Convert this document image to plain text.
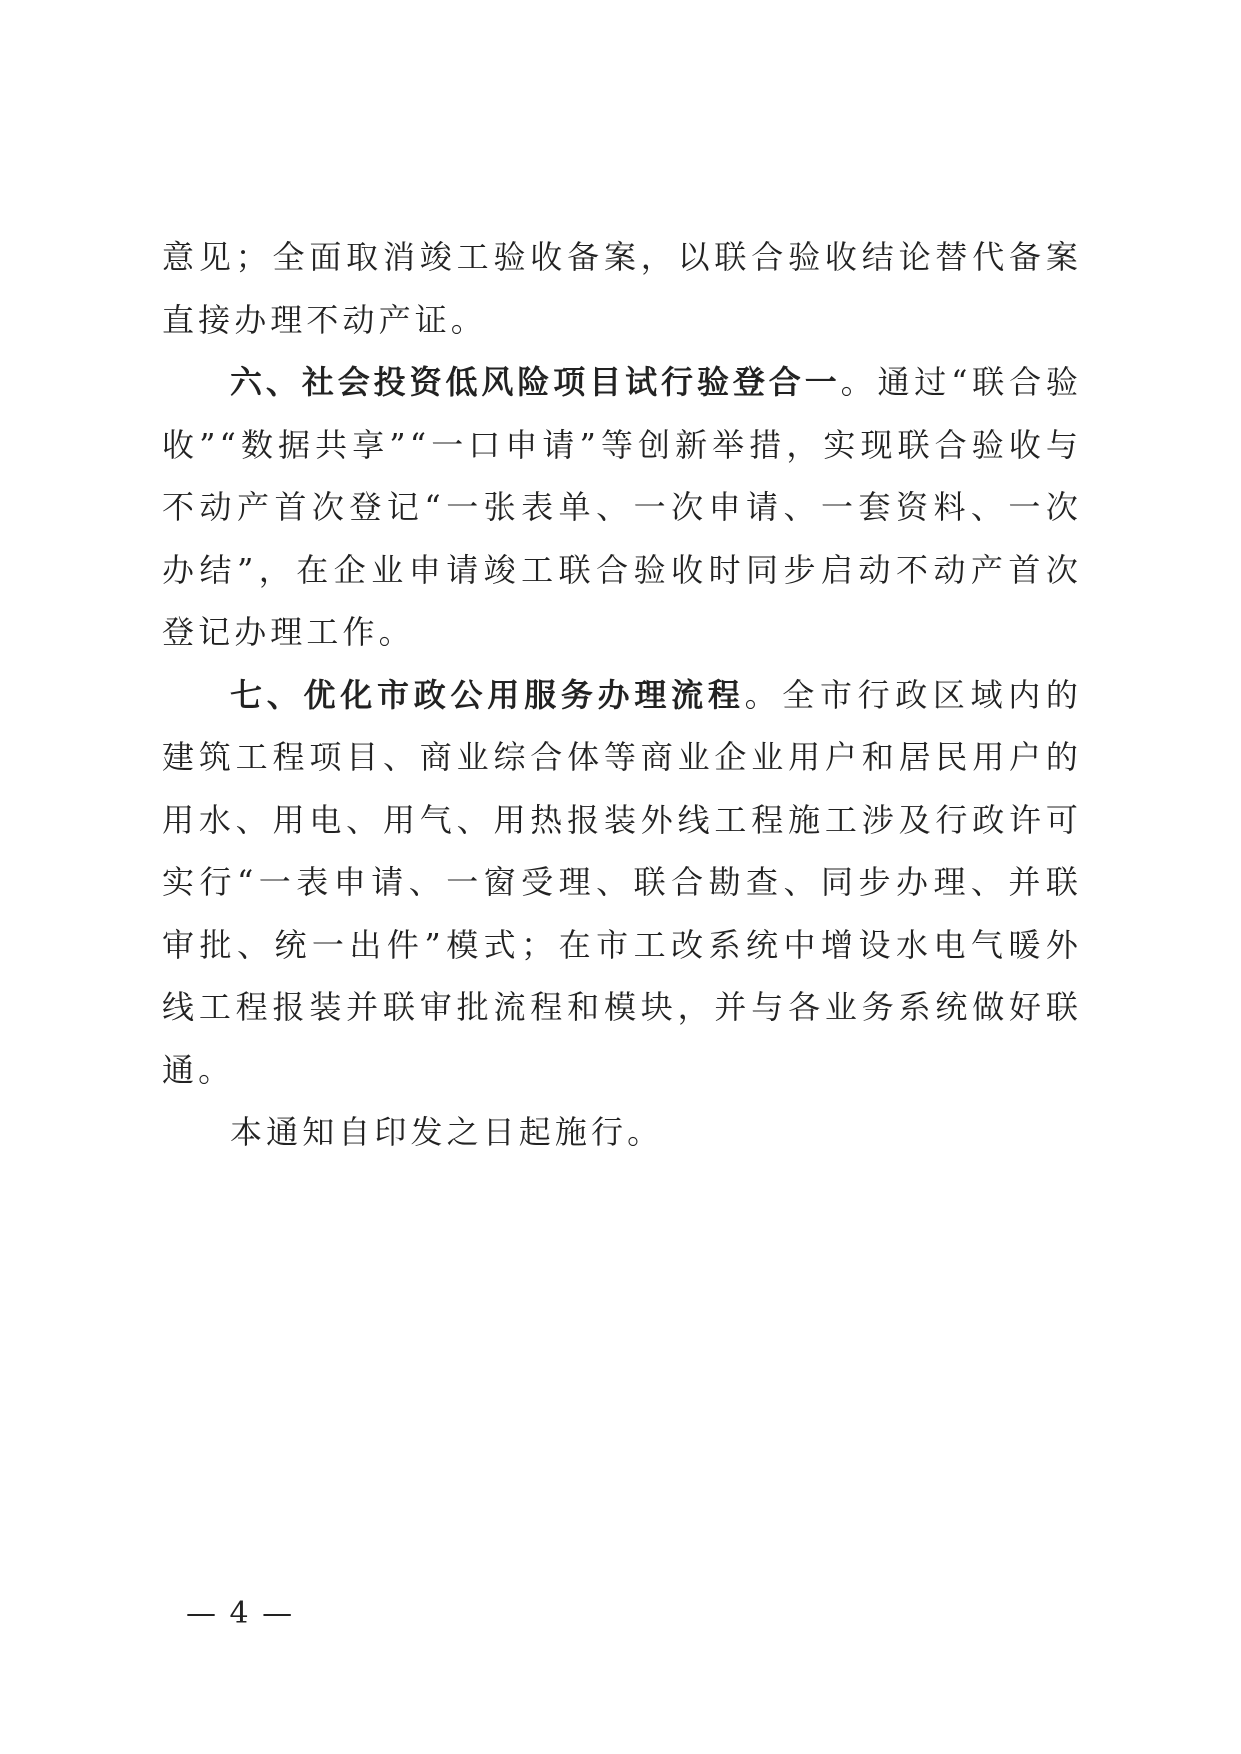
意见；全面取消竣工验收备案，以联合验收结论替代备案直接办理不动产证。

六、社会投资低风险项目试行验登合一。通过“联合验收”“数据共享”“一口申请”等创新举措，实现联合验收与不动产首次登记“一张表单、一次申请、一套资料、一次办结”，在企业申请竣工联合验收时同步启动不动产首次登记办理工作。

七、优化市政公用服务办理流程。全市行政区域内的建筑工程项目、商业综合体等商业企业用户和居民用户的用水、用电、用气、用热报装外线工程施工涉及行政许可实行“一表申请、一窗受理、联合勘查、同步办理、并联审批、统一出件”模式；在市工改系统中增设水电气暖外线工程报装并联审批流程和模块，并与各业务系统做好联通。

本通知自印发之日起施行。

— 4 —
